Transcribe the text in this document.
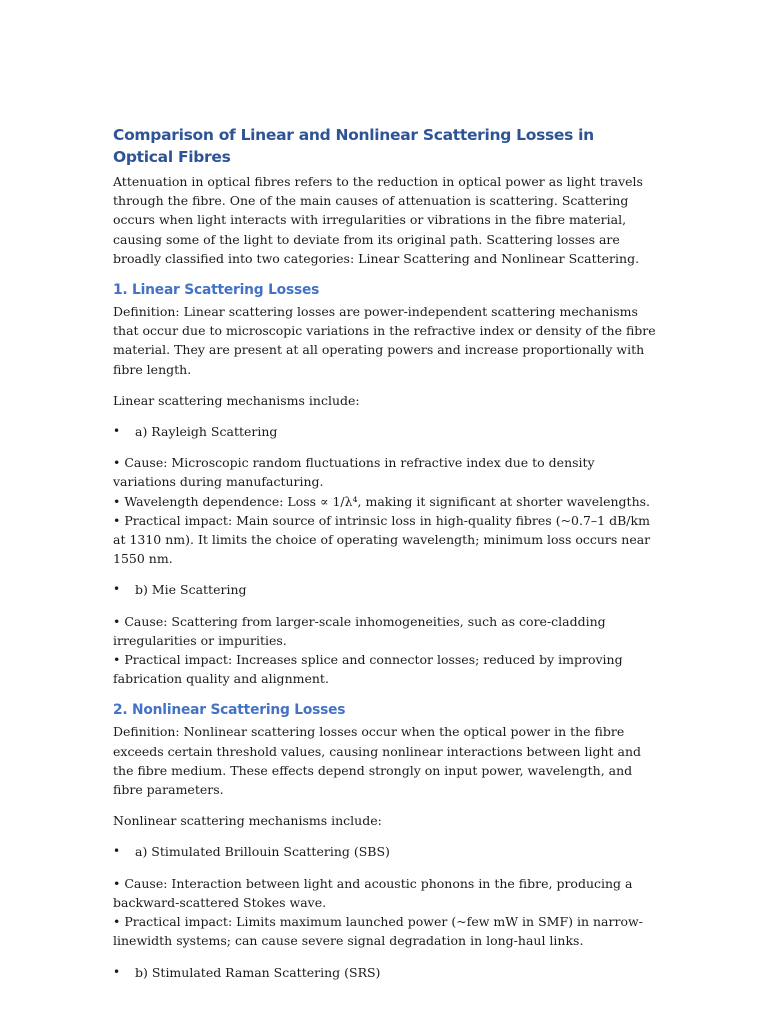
Comparison of Linear and Nonlinear Scattering Losses in Optical Fibres

Attenuation in optical fibres refers to the reduction in optical power as light travels through the fibre. One of the main causes of attenuation is scattering. Scattering occurs when light interacts with irregularities or vibrations in the fibre material, causing some of the light to deviate from its original path. Scattering losses are broadly classified into two categories: Linear Scattering and Nonlinear Scattering.

1. Linear Scattering Losses

Definition: Linear scattering losses are power-independent scattering mechanisms that occur due to microscopic variations in the refractive index or density of the fibre material. They are present at all operating powers and increase proportionally with fibre length.

Linear scattering mechanisms include:

• a) Rayleigh Scattering
• Cause: Microscopic random fluctuations in refractive index due to density variations during manufacturing.
• Wavelength dependence: Loss ∝ 1/λ⁴, making it significant at shorter wavelengths.
• Practical impact: Main source of intrinsic loss in high-quality fibres (~0.7–1 dB/km at 1310 nm). It limits the choice of operating wavelength; minimum loss occurs near 1550 nm.
• b) Mie Scattering
• Cause: Scattering from larger-scale inhomogeneities, such as core-cladding irregularities or impurities.
• Practical impact: Increases splice and connector losses; reduced by improving fabrication quality and alignment.
2. Nonlinear Scattering Losses

Definition: Nonlinear scattering losses occur when the optical power in the fibre exceeds certain threshold values, causing nonlinear interactions between light and the fibre medium. These effects depend strongly on input power, wavelength, and fibre parameters.

Nonlinear scattering mechanisms include:

• a) Stimulated Brillouin Scattering (SBS)
• Cause: Interaction between light and acoustic phonons in the fibre, producing a backward-scattered Stokes wave.
• Practical impact: Limits maximum launched power (~few mW in SMF) in narrow-linewidth systems; can cause severe signal degradation in long-haul links.
• b) Stimulated Raman Scattering (SRS)
